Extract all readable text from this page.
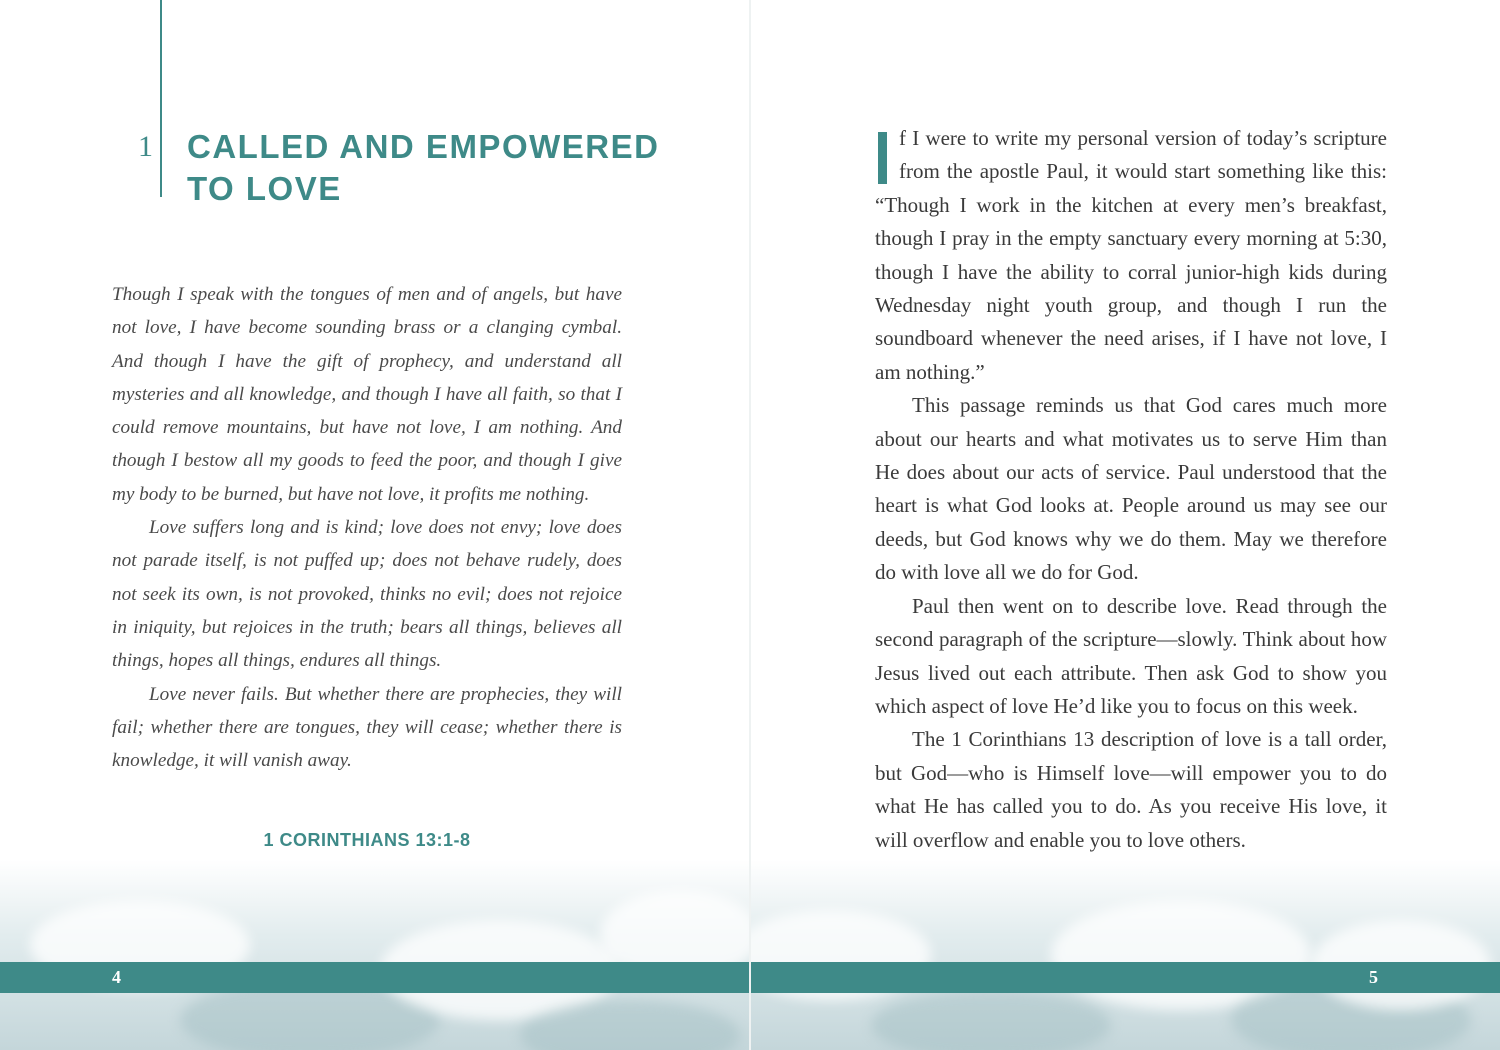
4
1 CALLED AND EMPOWERED
TO LOVE

Though I speak with the tongues of men and of angels, but have not love, I have become sounding brass or a clanging cymbal. And though I have the gift of prophecy, and understand all mysteries and all knowledge, and though I have all faith, so that I could remove mountains, but have not love, I am nothing. And though I bestow all my goods to feed the poor, and though I give my body to be burned, but have not love, it profits me nothing.

Love suffers long and is kind; love does not envy; love does not parade itself, is not puffed up; does not behave rudely, does not seek its own, is not provoked, thinks no evil; does not rejoice in iniquity, but rejoices in the truth; bears all things, believes all things, hopes all things, endures all things.

Love never fails. But whether there are prophecies, they will fail; whether there are tongues, they will cease; whether there is knowledge, it will vanish away.

1 CORINTHIANS 13:1-8
5

f I were to write my personal version of today’s scripture from the apostle Paul, it would start something like this: “Though I work in the kitchen at every men’s breakfast, though I pray in the empty sanctuary every morning at 5:30, though I have the ability to corral junior-high kids during Wednesday night youth group, and though I run the soundboard whenever the need arises, if I have not love, I am nothing.”

This passage reminds us that God cares much more about our hearts and what motivates us to serve Him than He does about our acts of service. Paul understood that the heart is what God looks at. People around us may see our deeds, but God knows why we do them. May we therefore do with love all we do for God.

Paul then went on to describe love. Read through the second paragraph of the scripture—slowly. Think about how Jesus lived out each attribute. Then ask God to show you which aspect of love He’d like you to focus on this week.

The 1 Corinthians 13 description of love is a tall order, but God—who is Himself love—will empower you to do what He has called you to do. As you receive His love, it will overflow and enable you to love others.
